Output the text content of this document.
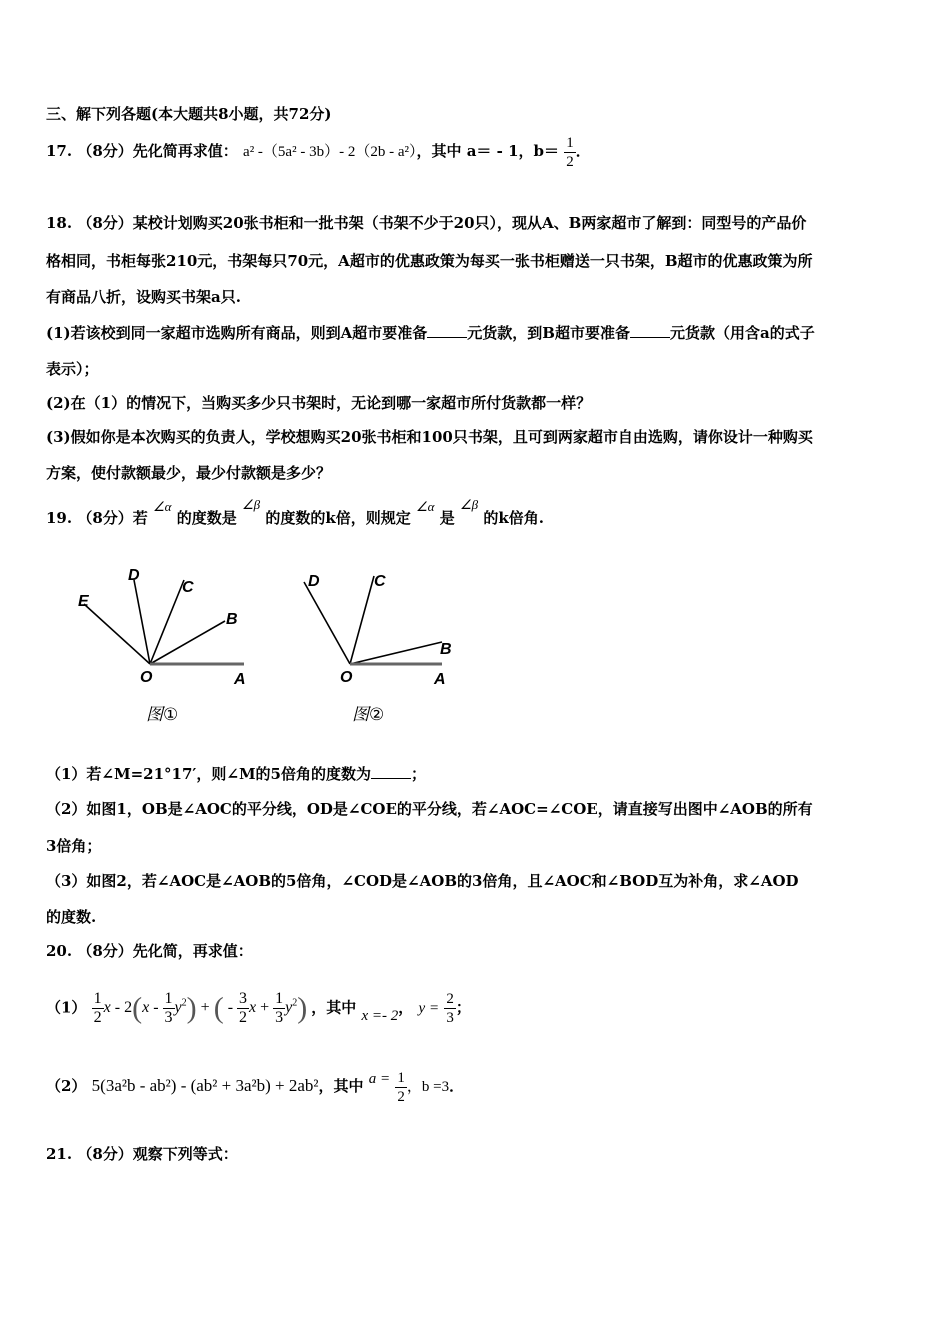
三、解下列各题(本大题共8小题，共72分)
17. （8分）先化简再求值： a² -（5a² - 3b）- 2（2b - a²），其中 a＝ - 1，$b= \frac{1}{2}$ ．
18. （8分）某校计划购买20张书柜和一批书架（书架不少于20只），现从A、B两家超市了解到：同型号的产品价
格相同，书柜每张210元，书架每只70元，A超市的优惠政策为每买一张书柜赠送一只书架，B超市的优惠政策为所
有商品八折，设购买书架a只.
(1)若该校到同一家超市选购所有商品，则到A超市要准备	元货款，到B超市要准备	元货款（用含a的式子
表示）；
(2)在（1）的情况下，当购买多少只书架时，无论到哪一家超市所付货款都一样？
(3)假如你是本次购买的负责人，学校想购买20张书柜和100只书架，且可到两家超市自由选购，请你设计一种购买
方案，使付款额最少，最少付款额是多少？
19. （8分）若 ∠α 的度数是 ∠β 的度数的k倍，则规定 ∠α 是 ∠β 的k倍角.
E
D
C
B
O	A
图①
D	C
B
O	A
图②
（1）若∠M=21°17′，则∠M的5倍角的度数为	；
（2）如图1，OB是∠AOC的平分线，OD是∠COE的平分线，若∠AOC=∠COE，请直接写出图中∠AOB的所有
3倍角；
（3）如图2，若∠AOC是∠AOB的5倍角，∠COD是∠AOB的3倍角，且∠AOC和∠BOD互为补角，求∠AOD
的度数.
20. （8分）先化简，再求值：
$(1) \frac{1}{2}$ x - $2(x - \frac{1}{3} y^2)$ + ( - $\frac{3}{2}$ $x + \frac{1}{3} y^2$) ，其中 x =- 2， $y = \frac{2}{3}$ ；
（2） 5(3a²b - ab²) - (ab² + 3a²b) + 2ab²，其中 $a = \frac{1}{2}$ ，b =3．
21. （8分）观察下列等式：
